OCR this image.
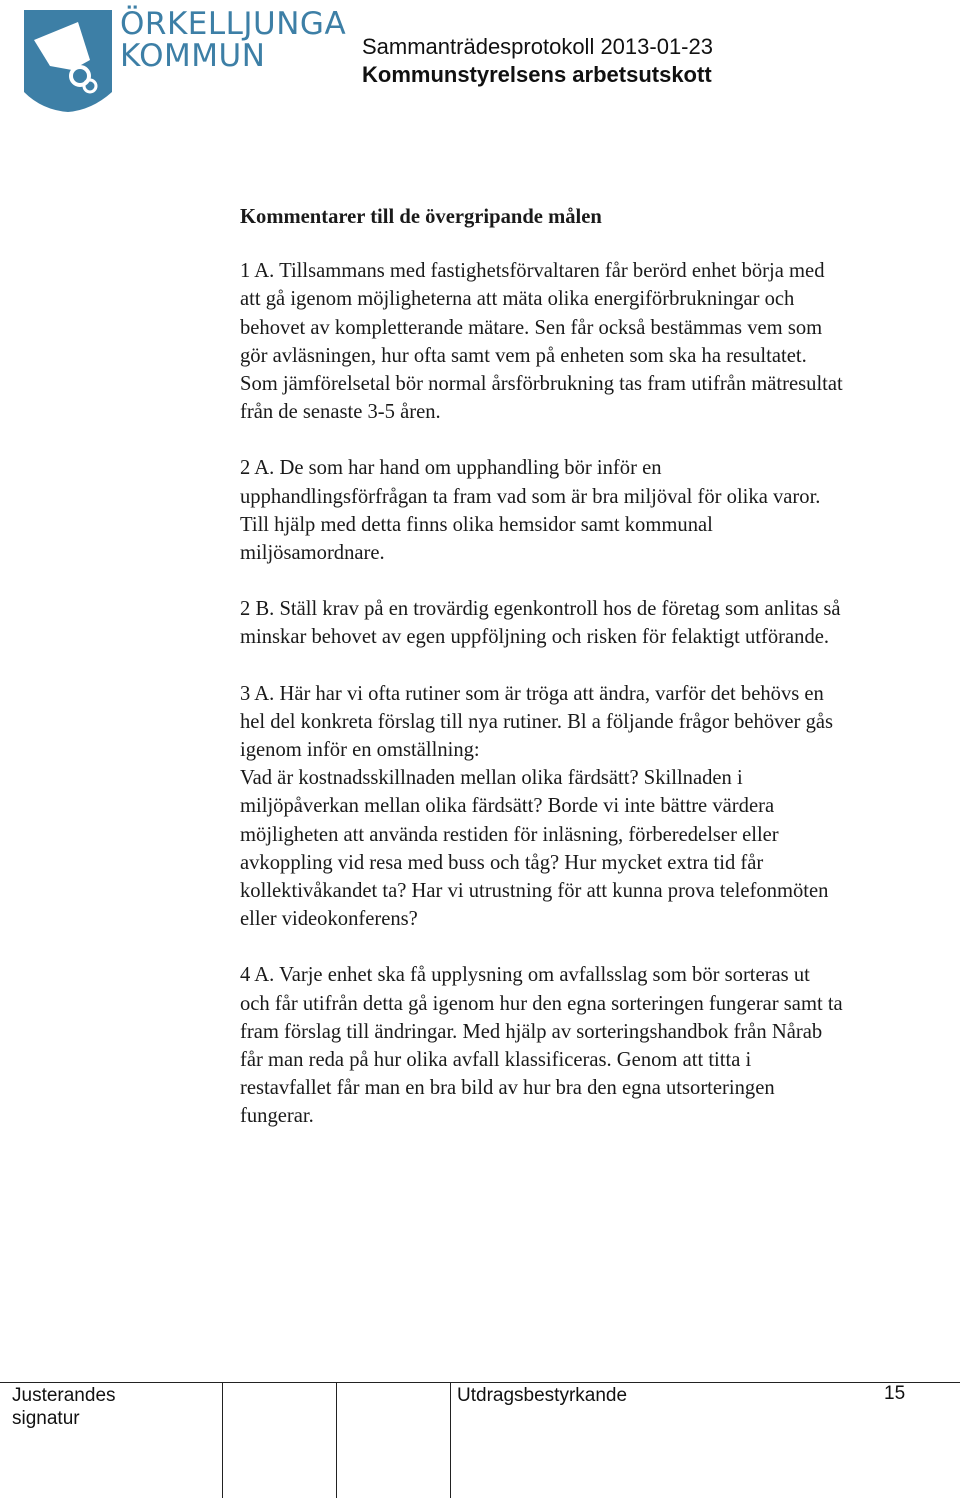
ÖRKELLJUNGA
KOMMUN	Sammanträdesprotokoll 2013-01-23
Kommunstyrelsens arbetsutskott
Kommentarer till de övergripande målen
1 A. Tillsammans med fastighetsförvaltaren får berörd enhet börja med
att gå igenom möjligheterna att mäta olika energiförbrukningar och
behovet av kompletterande mätare. Sen får också bestämmas vem som
gör avläsningen, hur ofta samt vem på enheten som ska ha resultatet.
Som jämförelsetal bör normal årsförbrukning tas fram utifrån mätresultat
från de senaste 3-5 åren.
2 A. De som har hand om upphandling bör inför en
upphandlingsförfrågan ta fram vad som är bra miljöval för olika varor.
Till hjälp med detta finns olika hemsidor samt kommunal
miljösamordnare.
2 B. Ställ krav på en trovärdig egenkontroll hos de företag som anlitas så
minskar behovet av egen uppföljning och risken för felaktigt utförande.
3 A. Här har vi ofta rutiner som är tröga att ändra, varför det behövs en
hel del konkreta förslag till nya rutiner. Bl a följande frågor behöver gås
igenom inför en omställning:
Vad är kostnadsskillnaden mellan olika färdsätt? Skillnaden i
miljöpåverkan mellan olika färdsätt? Borde vi inte bättre värdera
möjligheten att använda restiden för inläsning, förberedelser eller
avkoppling vid resa med buss och tåg? Hur mycket extra tid får
kollektivåkandet ta? Har vi utrustning för att kunna prova telefonmöten
eller videokonferens?
4 A. Varje enhet ska få upplysning om avfallsslag som bör sorteras ut
och får utifrån detta gå igenom hur den egna sorteringen fungerar samt ta
fram förslag till ändringar. Med hjälp av sorteringshandbok från Nårab
får man reda på hur olika avfall klassificeras. Genom att titta i
restavfallet får man en bra bild av hur bra den egna utsorteringen
fungerar.
Justerandes
signatur
Utdragsbestyrkande	15
